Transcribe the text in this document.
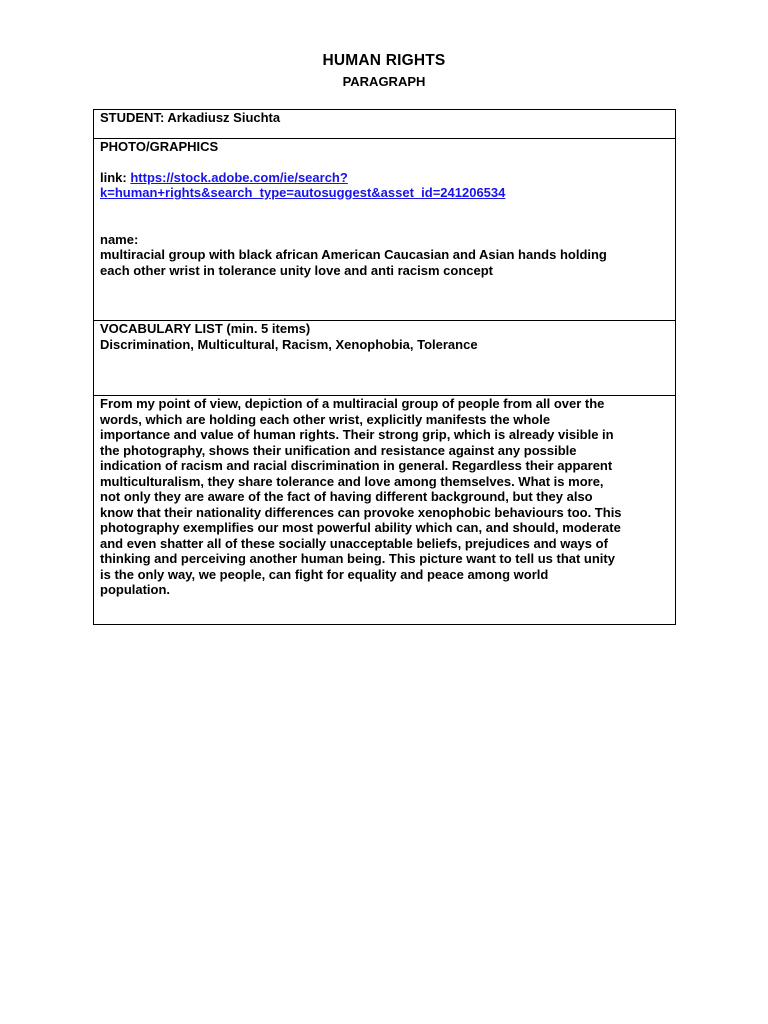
HUMAN RIGHTS
PARAGRAPH
STUDENT: Arkadiusz Siuchta

PHOTO/GRAPHICS
link: https://stock.adobe.com/ie/search?
k=human+rights&search_type=autosuggest&asset_id=241206534
name:
multiracial group with black african American Caucasian and Asian hands holding
each other wrist in tolerance unity love and anti racism concept

VOCABULARY LIST (min. 5 items)
Discrimination, Multicultural, Racism, Xenophobia, Tolerance

From my point of view, depiction of a multiracial group of people from all over the
words, which are holding each other wrist, explicitly manifests the whole
importance and value of human rights. Their strong grip, which is already visible in
the photography, shows their unification and resistance against any possible
indication of racism and racial discrimination in general. Regardless their apparent
multiculturalism, they share tolerance and love among themselves. What is more,
not only they are aware of the fact of having different background, but they also
know that their nationality differences can provoke xenophobic behaviours too. This
photography exemplifies our most powerful ability which can, and should, moderate
and even shatter all of these socially unacceptable beliefs, prejudices and ways of
thinking and perceiving another human being. This picture want to tell us that unity
is the only way, we people, can fight for equality and peace among world
population.
